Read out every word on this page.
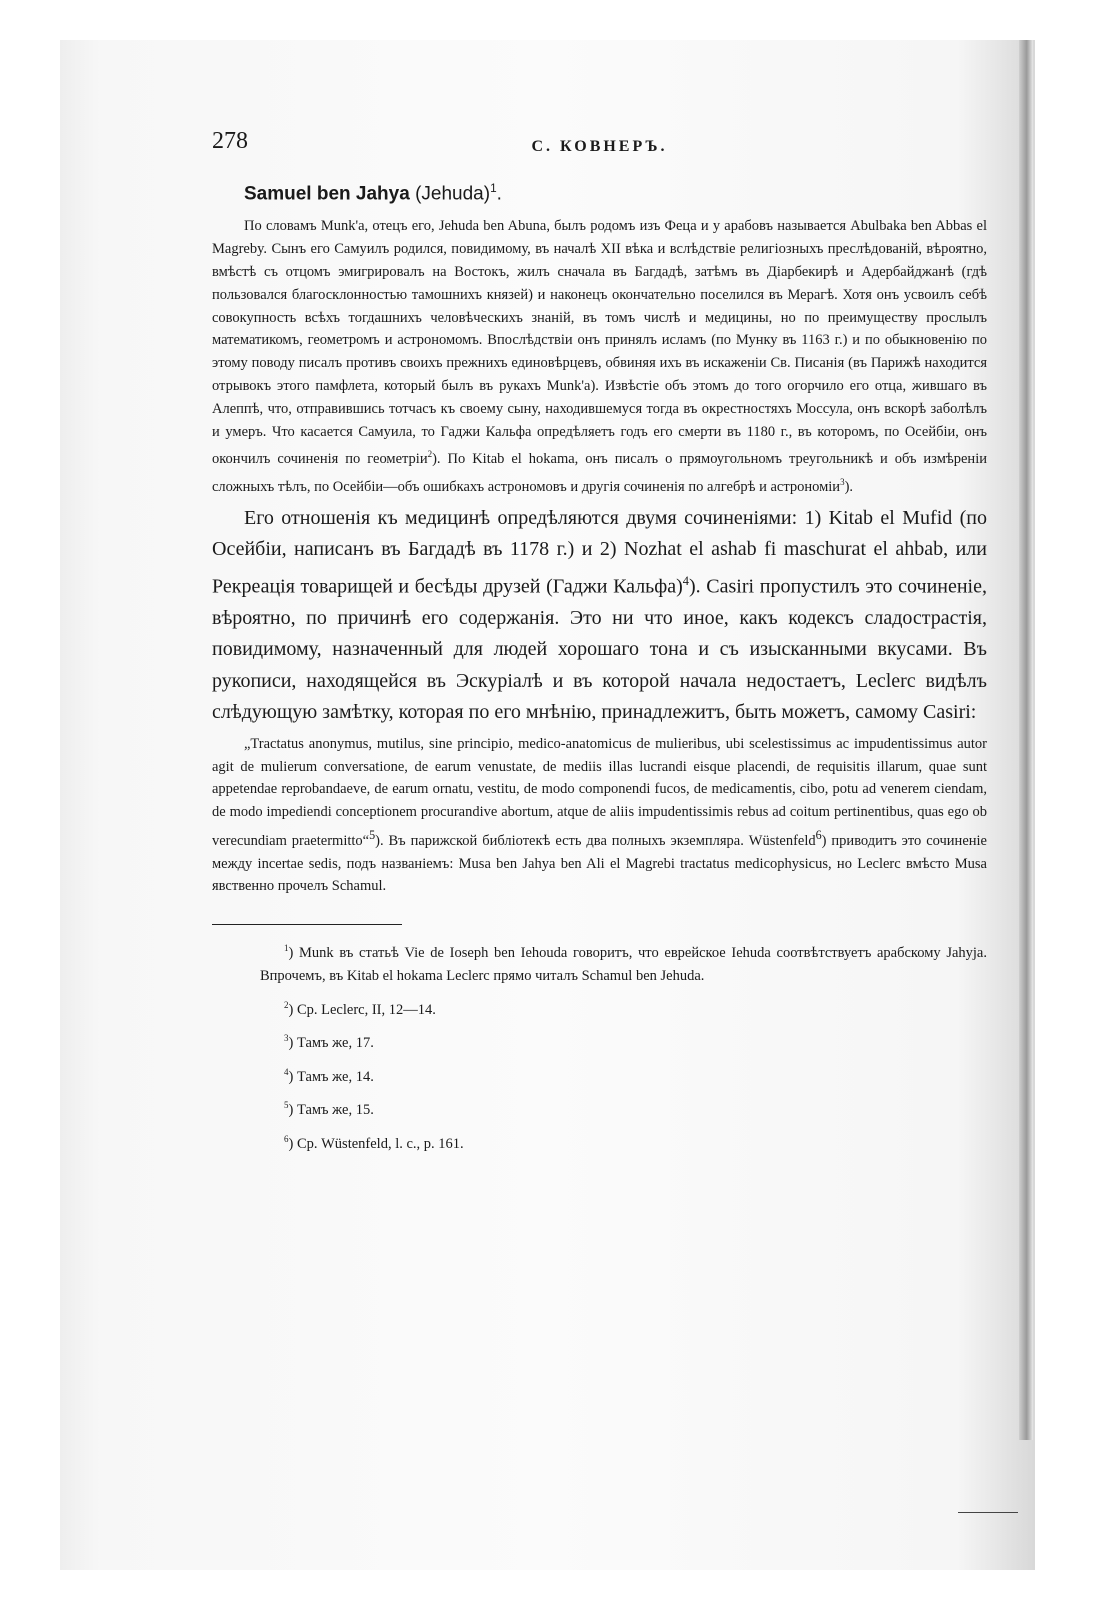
278	С. КОВНЕРЪ.
Samuel ben Jahya (Jehuda)$^1$.

По словамъ Munk'a, отецъ его, Jehuda ben Abuna, былъ родомъ изъ Феца и у арабовъ называется Abulbaka ben Abbas el Magreby. Сынъ его Самуилъ родился, повидимому, въ началѣ XII вѣка и вслѣдствіе религіозныхъ преслѣдованій, вѣроятно, вмѣстѣ съ отцомъ эмигрировалъ на Востокъ, жилъ сначала въ Багдадѣ, затѣмъ въ Діарбекирѣ и Адербайджанѣ (гдѣ пользовался благосклонностью тамошнихъ князей) и наконецъ окончательно поселился въ Мерагѣ. Хотя онъ усвоилъ себѣ совокупность всѣхъ тогдашнихъ человѣческихъ знаній, въ томъ числѣ и медицины, но по преимуществу прослылъ математикомъ, геометромъ и астрономомъ. Впослѣдствіи онъ принялъ исламъ (по Мунку въ 1163 г.) и по обыкновенію по этому поводу писалъ противъ своихъ прежнихъ единовѣрцевъ, обвиняя ихъ въ искаженіи Св. Писанія (въ Парижѣ находится отрывокъ этого памфлета, который былъ въ рукахъ Munk'a). Извѣстіе объ этомъ до того огорчило его отца, жившаго въ Алеппѣ, что, отправившись тотчасъ къ своему сыну, находившемуся тогда въ окрестностяхъ Моссула, онъ вскорѣ заболѣлъ и умеръ. Что касается Самуила, то Гаджи Кальфа опредѣляетъ годъ его смерти въ 1180 г., въ которомъ, по Осейбіи, онъ окончилъ сочиненія по геометріи$^2$). По Kitab el hokama, онъ писалъ о прямоугольномъ треугольникѣ и объ измѣреніи сложныхъ тѣлъ, по Осейбіи—объ ошибкахъ астрономовъ и другія сочиненія по алгебрѣ и астрономіи$^3$).

Его отношенія къ медицинѣ опредѣляются двумя сочиненіями: 1) Kitab el Mufid (по Осейбіи, написанъ въ Багдадѣ въ 1178 г.) и 2) Nozhat el ashab fi maschurat el ahbab, или Рекреація товарищей и бесѣды друзей (Гаджи Кальфа)$^4$). Casiri пропустилъ это сочиненіе, вѣроятно, по причинѣ его содержанія. Это ни что иное, какъ кодексъ сладострастія, повидимому, назначенный для людей хорошаго тона и съ изысканными вкусами. Въ рукописи, находящейся въ Эскуріалѣ и въ которой начала недостаетъ, Leclerc видѣлъ слѣдующую замѣтку, которая по его мнѣнію, принадлежитъ, быть можетъ, самому Casiri:

„Tractatus anonymus, mutilus, sine principio, medico-anatomicus de mulieribus, ubi scelestissimus ac impudentissimus autor agit de mulierum conversatione, de earum venustate, de mediis illas lucrandi eisque placendi, de requisitis illarum, quae sunt appetendae reprobandaeve, de earum ornatu, vestitu, de modo componendi fucos, de medicamentis, cibo, potu ad venerem ciendam, de modo impediendi conceptionem procurandive abortum, atque de aliis impudentissimis rebus ad coitum pertinentibus, quas ego ob verecundiam praetermitto“$^5$). Въ парижской библіотекѣ есть два полныхъ экземпляра. Wüstenfeld$^6$) приводитъ это сочиненіе между incertae sedis, подъ названіемъ: Musa ben Jahya ben Ali el Magrebi tractatus medicophysicus, но Leclerc вмѣсто Musa явственно прочелъ Schamul.

$^1$) Munk въ статьѣ Vie de Ioseph ben Iehouda говоритъ, что еврейское Iehuda соотвѣтствуетъ арабскому Jahyja. Впрочемъ, въ Kitab el hokama Leclerc прямо читалъ Schamul ben Jehuda.

$^2$) Ср. Leclerc, II, 12—14.

$^3$) Тамъ же, 17.

$^4$) Тамъ же, 14.

$^5$) Тамъ же, 15.

$^6$) Ср. Wüstenfeld, l. c., p. 161.
